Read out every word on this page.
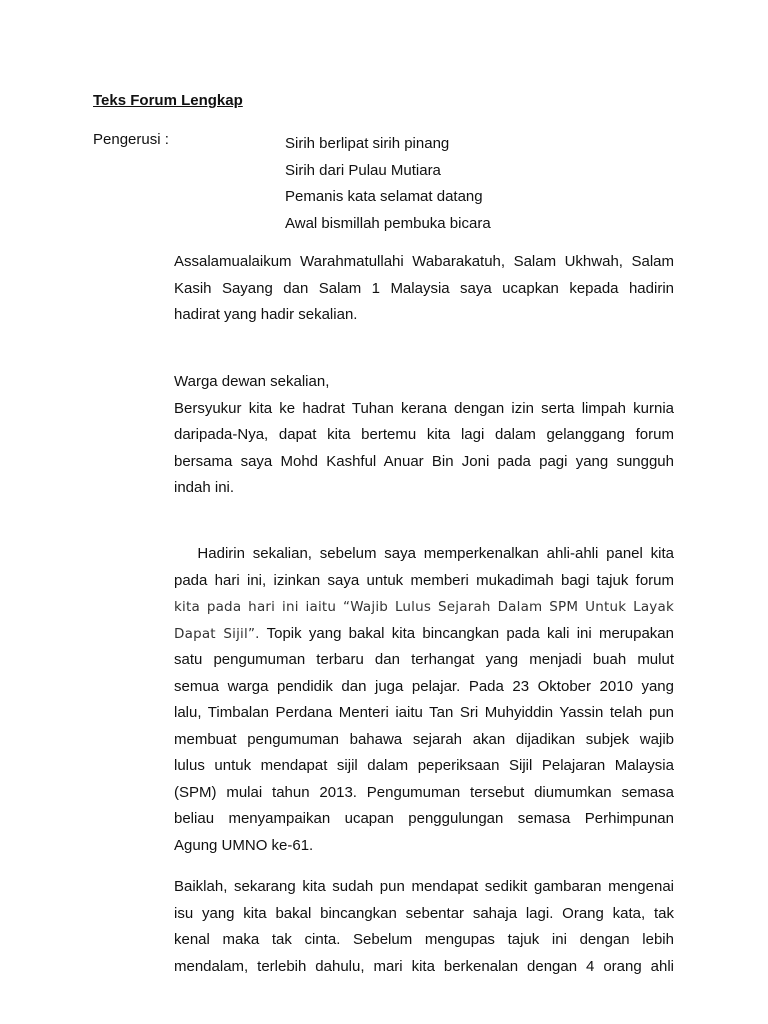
Teks Forum Lengkap
Pengerusi :	Sirih berlipat sirih pinang
Sirih dari Pulau Mutiara
Pemanis kata selamat datang
Awal bismillah pembuka bicara
Assalamualaikum Warahmatullahi Wabarakatuh, Salam Ukhwah, Salam
Kasih Sayang dan Salam 1 Malaysia saya ucapkan kepada hadirin
hadirat yang hadir sekalian.
Warga dewan sekalian,
Bersyukur kita ke hadrat Tuhan kerana dengan izin serta limpah kurnia
daripada-Nya, dapat kita bertemu kita lagi dalam gelanggang forum
bersama saya Mohd Kashful Anuar Bin Joni pada pagi yang sungguh
indah ini.
Hadirin sekalian, sebelum saya memperkenalkan ahli-ahli panel kita
pada hari ini, izinkan saya untuk memberi mukadimah bagi tajuk forum
kita pada hari ini iaitu “Wajib Lulus Sejarah Dalam SPM Untuk Layak
Dapat Sijil”. Topik yang bakal kita bincangkan pada kali ini merupakan
satu pengumuman terbaru dan terhangat yang menjadi buah mulut
semua warga pendidik dan juga pelajar. Pada 23 Oktober 2010 yang
lalu, Timbalan Perdana Menteri iaitu Tan Sri Muhyiddin Yassin telah pun
membuat pengumuman bahawa sejarah akan dijadikan subjek wajib
lulus untuk mendapat sijil dalam peperiksaan Sijil Pelajaran Malaysia
(SPM) mulai tahun 2013. Pengumuman tersebut diumumkan semasa
beliau menyampaikan ucapan penggulungan semasa Perhimpunan
Agung UMNO ke-61.
Baiklah, sekarang kita sudah pun mendapat sedikit gambaran mengenai
isu yang kita bakal bincangkan sebentar sahaja lagi. Orang kata, tak
kenal maka tak cinta. Sebelum mengupas tajuk ini dengan lebih
mendalam, terlebih dahulu, mari kita berkenalan dengan 4 orang ahli
